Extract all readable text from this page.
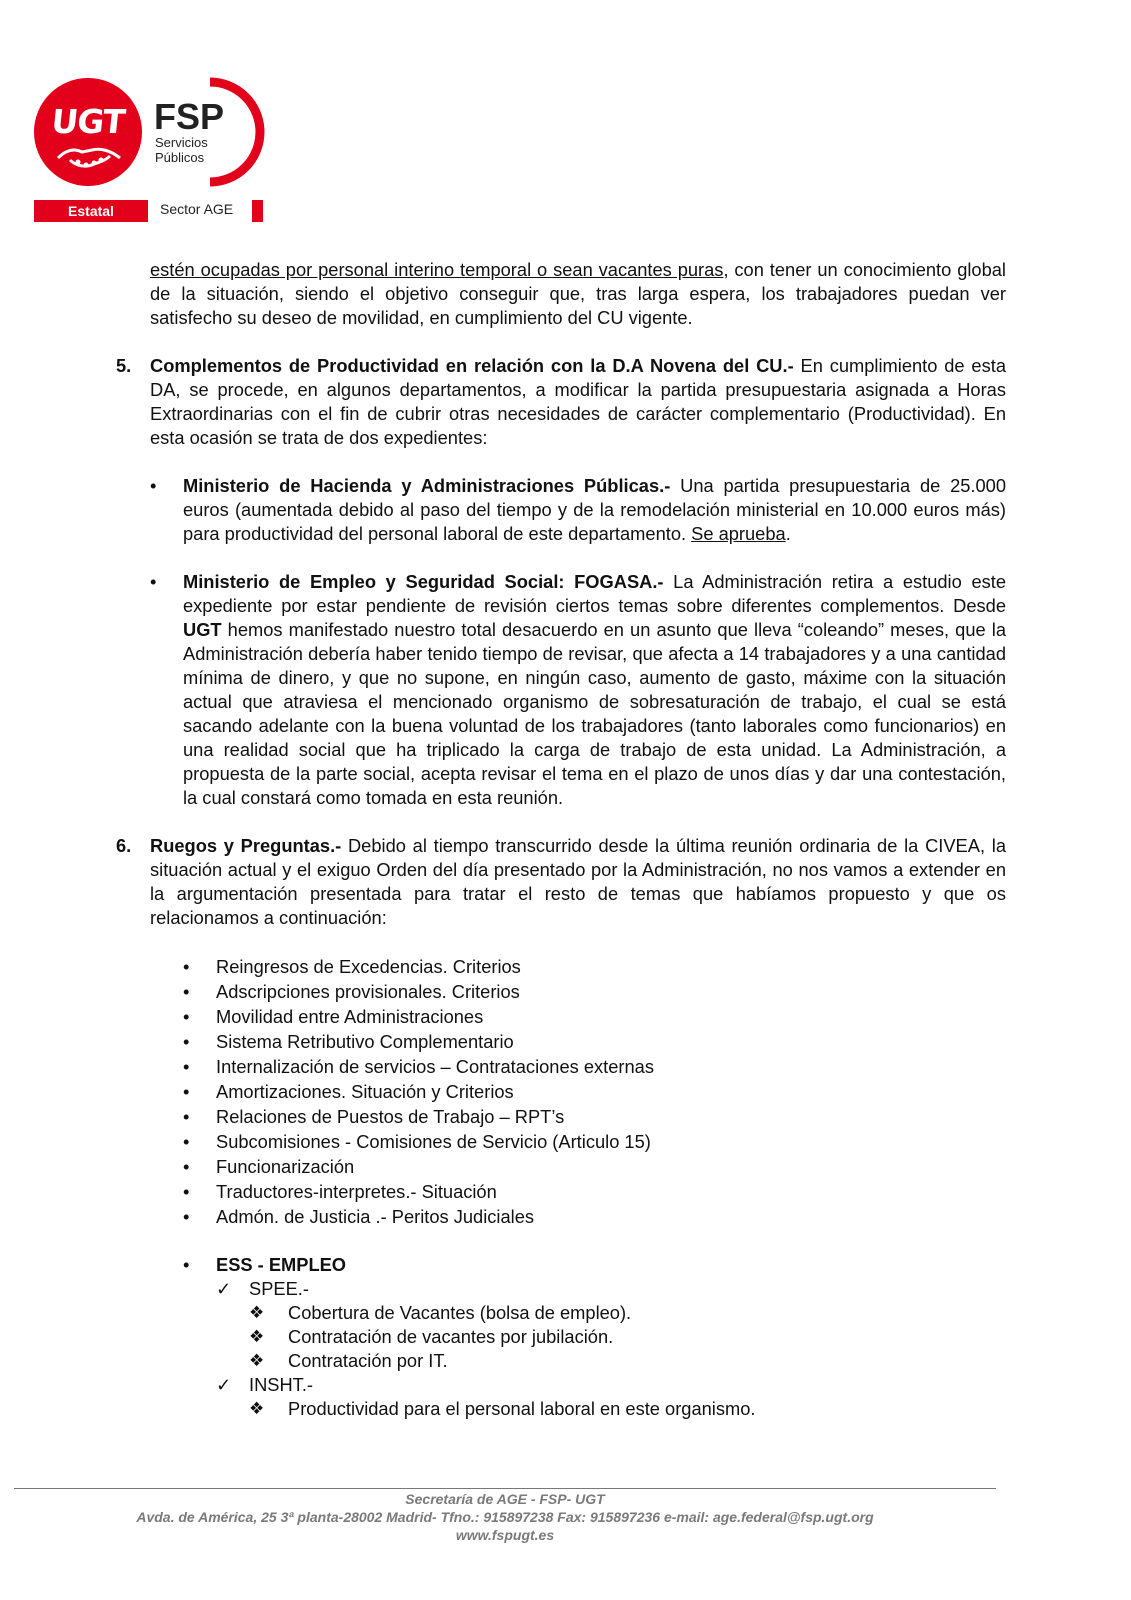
UGT FSP
Servicios
Públicos
Estatal	Sector AGE

estén ocupadas por personal interino temporal o sean vacantes puras, con tener un conocimiento global de la situación, siendo el objetivo conseguir que, tras larga espera, los trabajadores puedan ver satisfecho su deseo de movilidad, en cumplimiento del CU vigente.

5. Complementos de Productividad en relación con la D.A Novena del CU.- En cumplimiento de esta DA, se procede, en algunos departamentos, a modificar la partida presupuestaria asignada a Horas Extraordinarias con el fin de cubrir otras necesidades de carácter complementario (Productividad). En esta ocasión se trata de dos expedientes:
• Ministerio de Hacienda y Administraciones Públicas.- Una partida presupuestaria de 25.000 euros (aumentada debido al paso del tiempo y de la remodelación ministerial en 10.000 euros más) para productividad del personal laboral de este departamento. Se aprueba.
• Ministerio de Empleo y Seguridad Social: FOGASA.- La Administración retira a estudio este expediente por estar pendiente de revisión ciertos temas sobre diferentes complementos. Desde UGT hemos manifestado nuestro total desacuerdo en un asunto que lleva “coleando” meses, que la Administración debería haber tenido tiempo de revisar, que afecta a 14 trabajadores y a una cantidad mínima de dinero, y que no supone, en ningún caso, aumento de gasto, máxime con la situación actual que atraviesa el mencionado organismo de sobresaturación de trabajo, el cual se está sacando adelante con la buena voluntad de los trabajadores (tanto laborales como funcionarios) en una realidad social que ha triplicado la carga de trabajo de esta unidad. La Administración, a propuesta de la parte social, acepta revisar el tema en el plazo de unos días y dar una contestación, la cual constará como tomada en esta reunión.
6. Ruegos y Preguntas.- Debido al tiempo transcurrido desde la última reunión ordinaria de la CIVEA, la situación actual y el exiguo Orden del día presentado por la Administración, no nos vamos a extender en la argumentación presentada para tratar el resto de temas que habíamos propuesto y que os relacionamos a continuación:
• Reingresos de Excedencias. Criterios
• Adscripciones provisionales. Criterios
• Movilidad entre Administraciones
• Sistema Retributivo Complementario
• Internalización de servicios – Contrataciones externas
• Amortizaciones. Situación y Criterios
• Relaciones de Puestos de Trabajo – RPT’s
• Subcomisiones - Comisiones de Servicio (Articulo 15)
• Funcionarización
• Traductores-interpretes.- Situación
• Admón. de Justicia .- Peritos Judiciales
• ESS - EMPLEO
✓ SPEE.-
❖ Cobertura de Vacantes (bolsa de empleo).
❖ Contratación de vacantes por jubilación.
❖ Contratación por IT.
✓ INSHT.-
❖ Productividad para el personal laboral en este organismo.
Secretaría de AGE - FSP- UGT
Avda. de América, 25 3ª planta-28002 Madrid- Tfno.: 915897238 Fax: 915897236 e-mail: age.federal@fsp.ugt.org
www.fspugt.es
